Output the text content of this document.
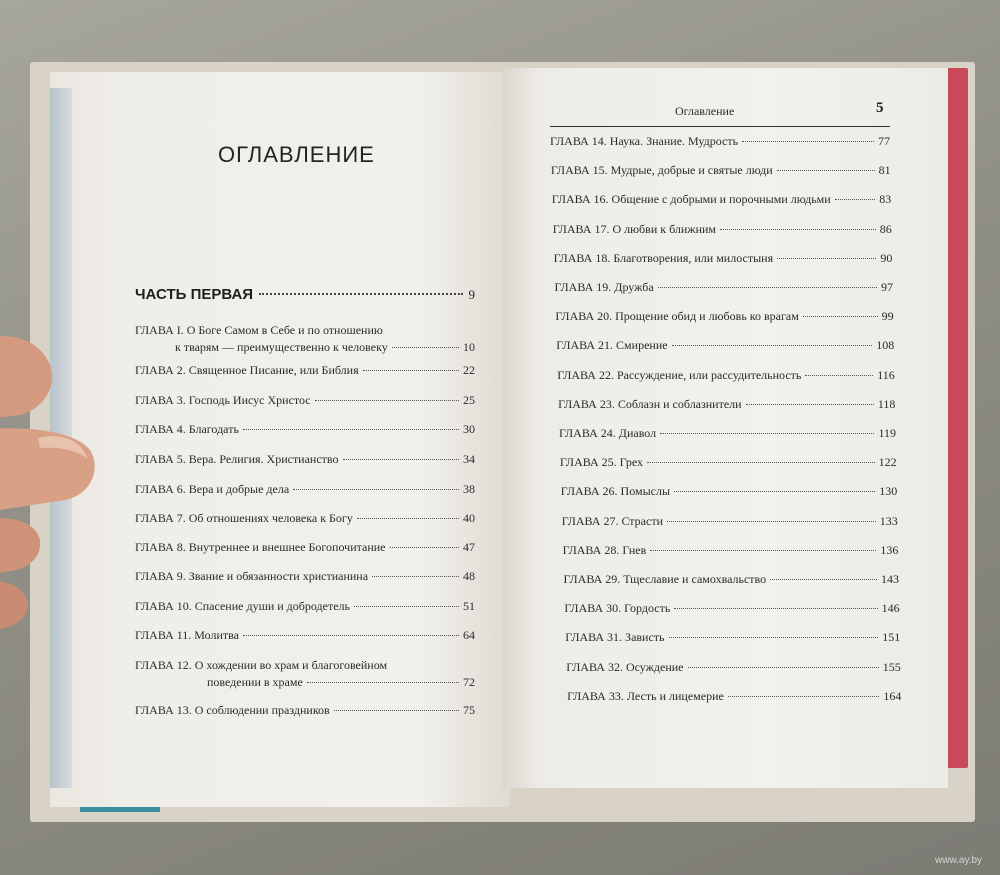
ОГЛАВЛЕНИЕ
ЧАСТЬ ПЕРВАЯ	9
ГЛАВА I. О Боге Самом в Себе и по отношению
к тварям — преимущественно к человеку	10
ГЛАВА 2. Священное Писание, или Библия	22
ГЛАВА 3. Господь Иисус Христос	25
ГЛАВА 4. Благодать	30
ГЛАВА 5. Вера. Религия. Христианство	34
ГЛАВА 6. Вера и добрые дела	38
ГЛАВА 7. Об отношениях человека к Богу	40
ГЛАВА 8. Внутреннее и внешнее Богопочитание	47
ГЛАВА 9. Звание и обязанности христианина	48
ГЛАВА 10. Спасение души и добродетель	51
ГЛАВА 11. Молитва	64
ГЛАВА 12. О хождении во храм и благоговейном
поведении в храме	72
ГЛАВА 13. О соблюдении праздников	75
Оглавление	5
ГЛАВА 14. Наука. Знание. Мудрость	77
ГЛАВА 15. Мудрые, добрые и святые люди	81
ГЛАВА 16. Общение с добрыми и порочными людьми	83
ГЛАВА 17. О любви к ближним	86
ГЛАВА 18. Благотворения, или милостыня	90
ГЛАВА 19. Дружба	97
ГЛАВА 20. Прощение обид и любовь ко врагам	99
ГЛАВА 21. Смирение	108
ГЛАВА 22. Рассуждение, или рассудительность	116
ГЛАВА 23. Соблазн и соблазнители	118
ГЛАВА 24. Диавол	119
ГЛАВА 25. Грех	122
ГЛАВА 26. Помыслы	130
ГЛАВА 27. Страсти	133
ГЛАВА 28. Гнев	136
ГЛАВА 29. Тщеславие и самохвальство	143
ГЛАВА 30. Гордость	146
ГЛАВА 31. Зависть	151
ГЛАВА 32. Осуждение	155
ГЛАВА 33. Лесть и лицемерие	164
www.ay.by
